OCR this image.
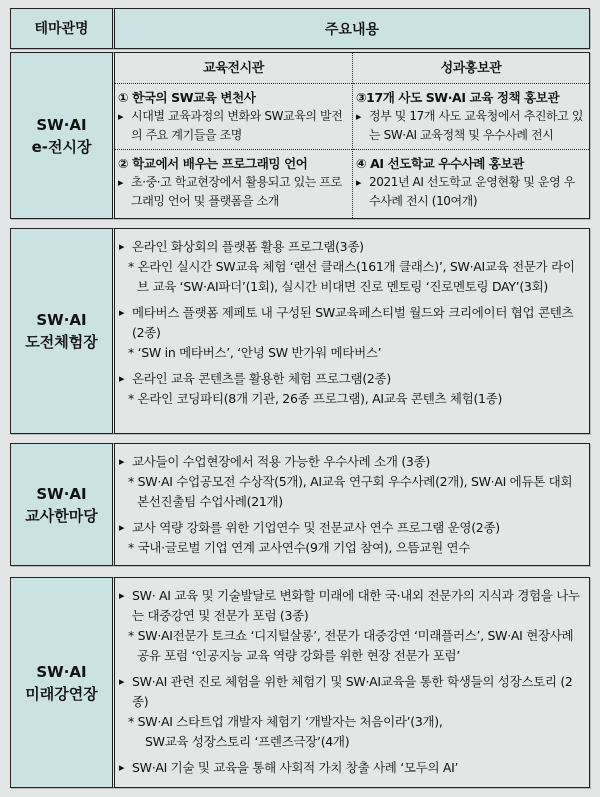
테마관명	주요내용
SW·AI
e-전시장
교육전시관
① 한국의 SW교육 변천사
▸ 시대별 교육과정의 변화와 SW교육의 발전의 주요 계기들을 조명
② 학교에서 배우는 프로그래밍 언어
▸ 초·중·고 학교현장에서 활용되고 있는 프로그래밍 언어 및 플랫폼을 소개
성과홍보관
③17개 사도 SW·AI 교육 정책 홍보관
▸ 정부 및 17개 사도 교육청에서 추진하고 있는 SW·AI 교육정책 및 우수사례 전시
④ AI 선도학교 우수사례 홍보관
▸ 2021년 AI 선도학교 운영현황 및 운영 우수사례 전시 (10여개)
SW·AI
도전체험장
▸ 온라인 화상회의 플랫폼 활용 프로그램(3종)
* 온라인 실시간 SW교육 체험 ‘랜선 클래스(161개 클래스)’, SW·AI교육 전문가 라이브 교육 ‘SW·AI파더’(1회), 실시간 비대면 진로 멘토링 ‘진로멘토링 DAY’(3회)
▸ 메타버스 플랫폼 제페토 내 구성된 SW교육페스티벌 월드와 크리에이터 협업 콘텐츠(2종)
* ‘SW in 메타버스’, ‘안녕 SW 반가워 메타버스’
▸ 온라인 교육 콘텐츠를 활용한 체험 프로그램(2종)
* 온라인 코딩파티(8개 기관, 26종 프로그램), AI교육 콘텐츠 체험(1종)
SW·AI
교사한마당
▸ 교사들이 수업현장에서 적용 가능한 우수사례 소개 (3종)
* SW·AI 수업공모전 수상작(5개), AI교육 연구회 우수사례(2개), SW·AI 에듀톤 대회 본선진출팀 수업사례(21개)
▸ 교사 역량 강화를 위한 기업연수 및 전문교사 연수 프로그램 운영(2종)
* 국내·글로벌 기업 연계 교사연수(9개 기업 참여), 으뜸교원 연수
SW·AI
미래강연장
▸ SW· AI 교육 및 기술발달로 변화할 미래에 대한 국·내외 전문가의 지식과 경험을 나누는 대중강연 및 전문가 포럼 (3종)
* SW·AI전문가 토크쇼 ‘디지털살롱’, 전문가 대중강연 ‘미래플러스’, SW·AI 현장사례 공유 포럼 ‘인공지능 교육 역량 강화를 위한 현장 전문가 포럼’
▸ SW·AI 관련 진로 체험을 위한 체험기 및 SW·AI교육을 통한 학생들의 성장스토리 (2종)
* SW·AI 스타트업 개발자 체험기 ‘개발자는 처음이라’(3개),
SW교육 성장스토리 ‘프렌즈극장’(4개)
▸ SW·AI 기술 및 교육을 통해 사회적 가치 창출 사례 ‘모두의 AI’
